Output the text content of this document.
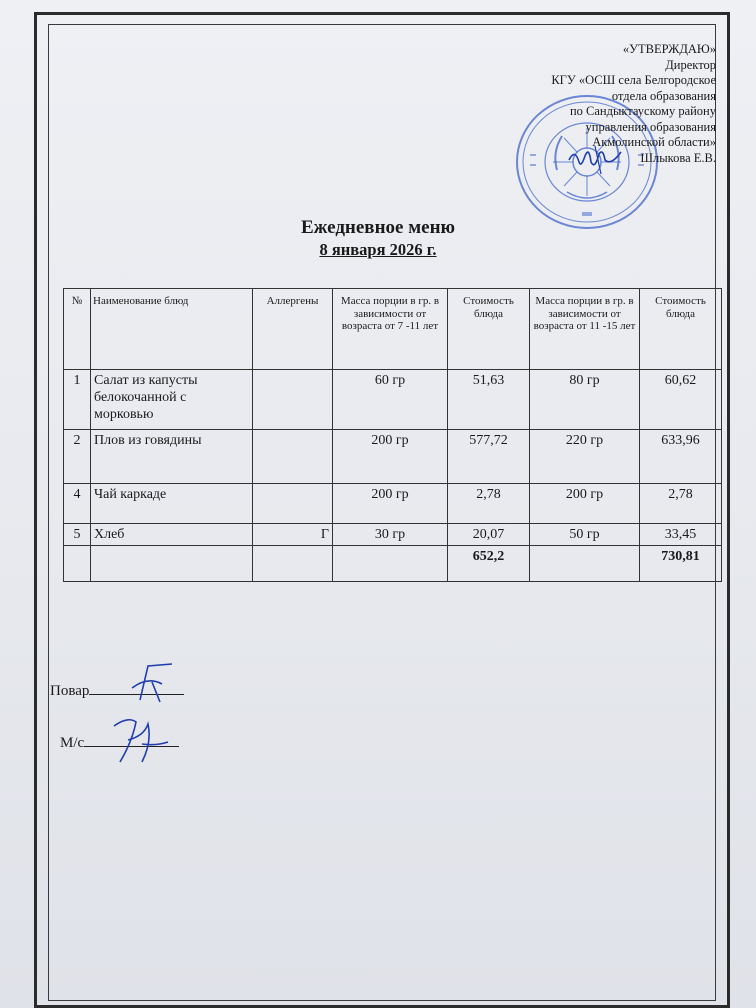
«УТВЕРЖДАЮ»
Директор
КГУ «ОСШ села Белгородское
отдела образования
по Сандыктаускому району
управления образования
Акмолинской области»
Шлыкова Е.В.
Ежедневное меню
8 января 2026 г.
№	Наименование блюд	Аллергены	Масса порции в гр. в зависимости от возраста от 7 -11 лет	Стоимость блюда	Масса порции в гр. в зависимости от возраста от 11 -15 лет	Стоимость блюда
1	Салат из капусты белокочанной с морковью		60 гр	51,63	80 гр	60,62
2	Плов из говядины		200 гр	577,72	220 гр	633,96
4	Чай каркаде		200 гр	2,78	200 гр	2,78
5	Хлеб	Г	30 гр	20,07	50 гр	33,45
				652,2		730,81
Повар
М/с
